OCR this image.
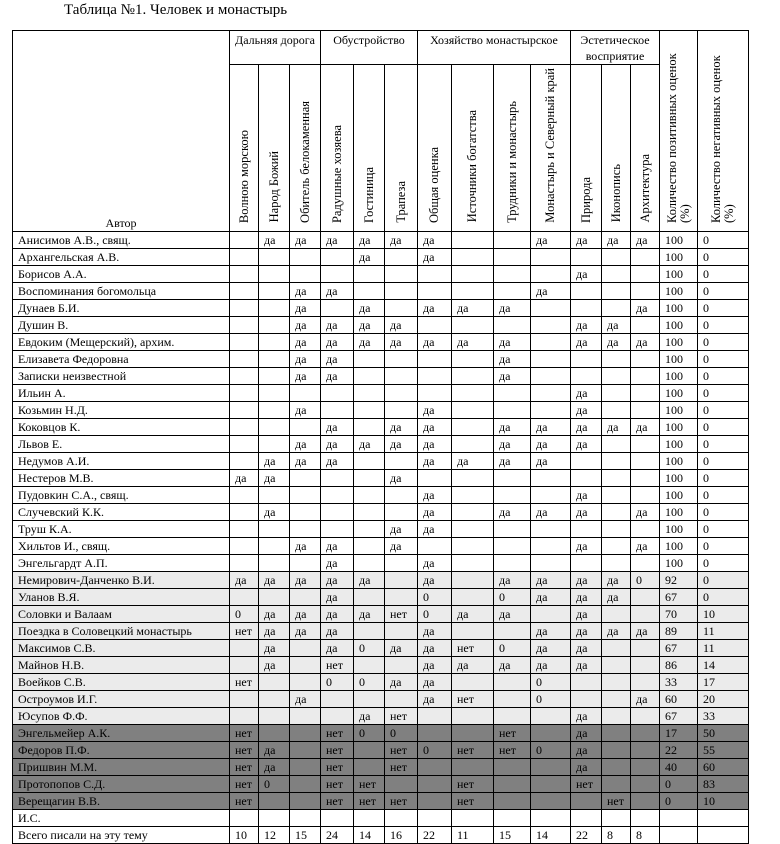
Таблица №1. Человек и монастырь
Автор	Дальняя дорога			Обустройство			Хозяйство монастырское				Эстетическое восприятие			Количество позитивных оценок (%)	Количество негативных оценок (%)
	Волною морскою	Народ Божий	Обитель белокаменная	Радушные хозяева	Гостиница	Трапеза	Общая оценка	Источники богатства	Трудники и монастырь	Монастырь и Северный край	Природа	Иконопись	Архитектура		
Анисимов А.В., свящ.		да	да	да	да	да	да			да	да	да	да	100	0
Архангельская А.В.					да		да							100	0
Борисов А.А.											да			100	0
Воспоминания богомольца			да	да						да				100	0
Дунаев Б.И.			да		да		да	да	да				да	100	0
Душин В.			да	да	да	да					да	да		100	0
Евдоким (Мещерский), архим.			да	да	да	да	да	да	да		да	да	да	100	0
Елизавета Федоровна			да	да					да					100	0
Записки неизвестной			да	да					да					100	0
Ильин А.											да			100	0
Козьмин Н.Д.			да				да				да			100	0
Коковцов К.				да		да	да		да	да	да	да	да	100	0
Львов Е.			да	да	да	да	да		да	да	да			100	0
Недумов А.И.		да	да	да			да	да	да	да				100	0
Нестеров М.В.	да	да				да								100	0
Пудовкин С.А., свящ.							да				да			100	0
Случевский К.К.		да					да		да	да	да		да	100	0
Труш К.А.						да	да							100	0
Хильтов И., свящ.			да	да		да					да		да	100	0
Энгельгардт А.П.				да			да							100	0
Немирович-Данченко В.И.	да	да	да	да	да		да		да	да	да	да	0	92	0
Уланов В.Я.				да			0		0	да	да	да		67	0
Соловки и Валаам	0	да	да	да	да	нет	0	да	да		да			70	10
Поездка в Соловецкий монастырь	нет	да	да	да			да			да	да	да	да	89	11
Максимов С.В.		да		да	0	да	да	нет	0	да	да			67	11
Майнов Н.В.		да		нет			да	да	да	да	да			86	14
Воейков С.В.	нет			0	0	да	да			0				33	17
Остроумов И.Г.			да				да	нет		0			да	60	20
Юсупов Ф.Ф.					да	нет					да			67	33
Энгельмейер А.К.	нет			нет	0	0			нет		да			17	50
Федоров П.Ф.	нет	да		нет		нет	0	нет	нет	0	да			22	55
Пришвин М.М.	нет	да		нет		нет					да			40	60
Протопопов С.Д.	нет	0		нет	нет			нет			нет			0	83
Верещагин В.В.	нет			нет	нет	нет		нет				нет		0	10
И.С.															
Всего писали на эту тему	10	12	15	24	14	16	22	11	15	14	22	8	8		
